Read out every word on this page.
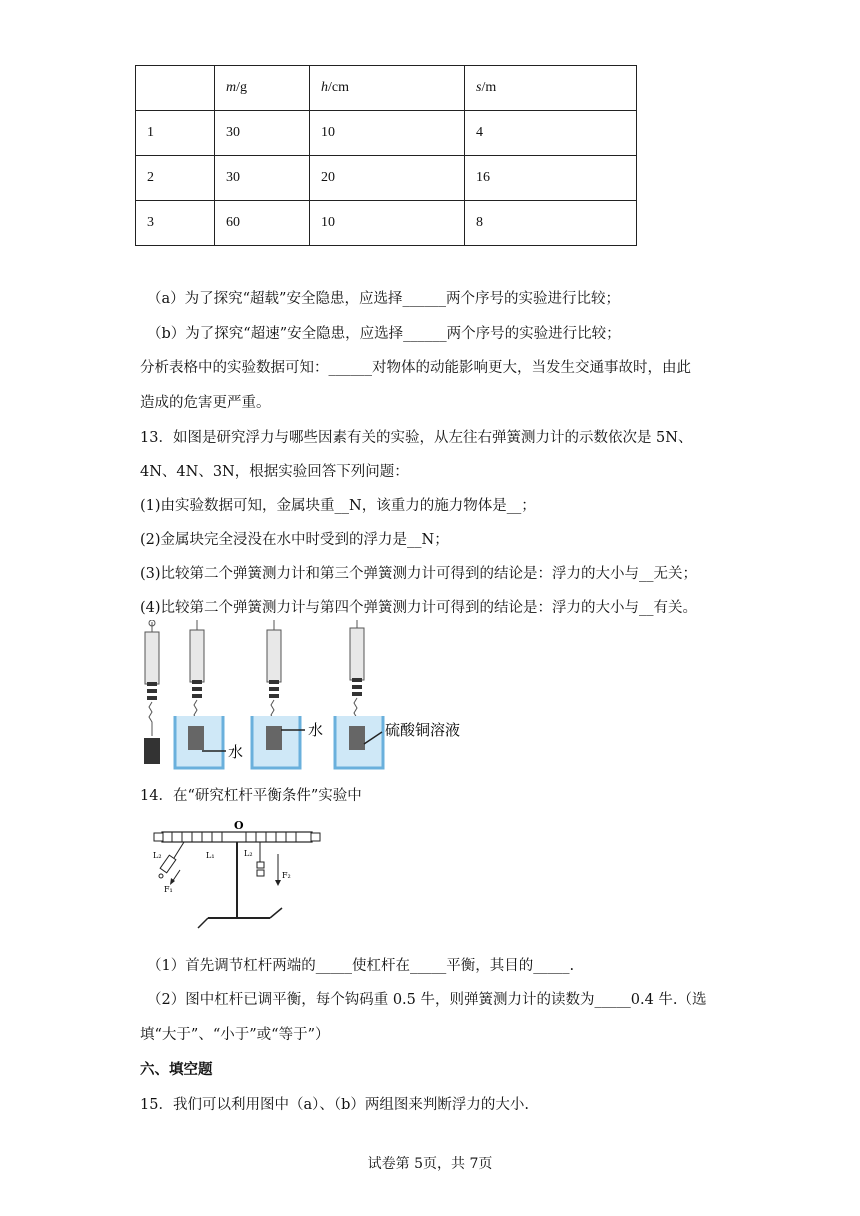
	m/g	h/cm	s/m
1	30	10	4
2	30	20	16
3	60	10	8
（a）为了探究“超载”安全隐患，应选择______两个序号的实验进行比较；
（b）为了探究“超速”安全隐患，应选择______两个序号的实验进行比较；
分析表格中的实验数据可知：______对物体的动能影响更大，当发生交通事故时，由此
造成的危害更严重。
13．如图是研究浮力与哪些因素有关的实验，从左往右弹簧测力计的示数依次是 5N、
4N、4N、3N，根据实验回答下列问题：
(1)由实验数据可知，金属块重__N，该重力的施力物体是__；
(2)金属块完全浸没在水中时受到的浮力是__N；
(3)比较第二个弹簧测力计和第三个弹簧测力计可得到的结论是：浮力的大小与__无关；
(4)比较第二个弹簧测力计与第四个弹簧测力计可得到的结论是：浮力的大小与__有关。
水
水	硫酸铜溶液
14．在“研究杠杆平衡条件”实验中
O
L₂	L₁
F₁
L₂
F₂
（1）首先调节杠杆两端的_____使杠杆在_____平衡，其目的_____.
（2）图中杠杆已调平衡，每个钩码重 0.5 牛，则弹簧测力计的读数为_____0.4 牛.（选
填“大于”、“小于”或“等于”）
六、填空题
15．我们可以利用图中（a）、（b）两组图来判断浮力的大小.
试卷第 5页，共 7页
